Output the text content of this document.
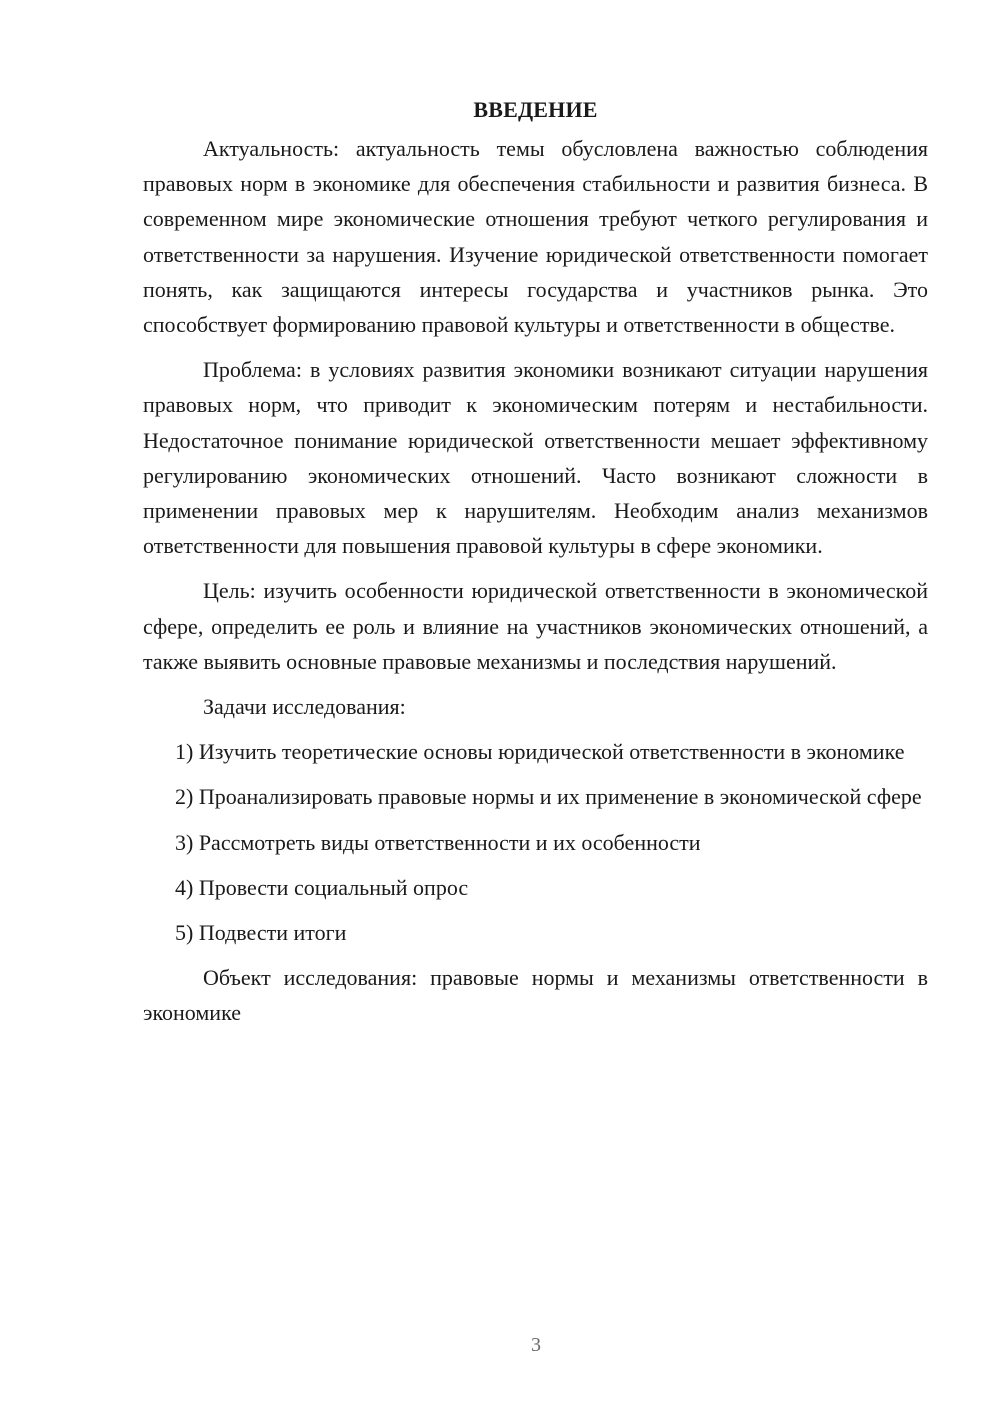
ВВЕДЕНИЕ

Актуальность: актуальность темы обусловлена важностью соблюдения правовых норм в экономике для обеспечения стабильности и развития бизнеса. В современном мире экономические отношения требуют четкого регулирования и ответственности за нарушения. Изучение юридической ответственности помогает понять, как защищаются интересы государства и участников рынка. Это способствует формированию правовой культуры и ответственности в обществе.

Проблема: в условиях развития экономики возникают ситуации нарушения правовых норм, что приводит к экономическим потерям и нестабильности. Недостаточное понимание юридической ответственности мешает эффективному регулированию экономических отношений. Часто возникают сложности в применении правовых мер к нарушителям. Необходим анализ механизмов ответственности для повышения правовой культуры в сфере экономики.

Цель: изучить особенности юридической ответственности в экономической сфере, определить ее роль и влияние на участников экономических отношений, а также выявить основные правовые механизмы и последствия нарушений.

Задачи исследования:

1) Изучить теоретические основы юридической ответственности в экономике

2) Проанализировать правовые нормы и их применение в экономической сфере

3) Рассмотреть виды ответственности и их особенности

4) Провести социальный опрос

5) Подвести итоги

Объект исследования: правовые нормы и механизмы ответственности в экономике

3
